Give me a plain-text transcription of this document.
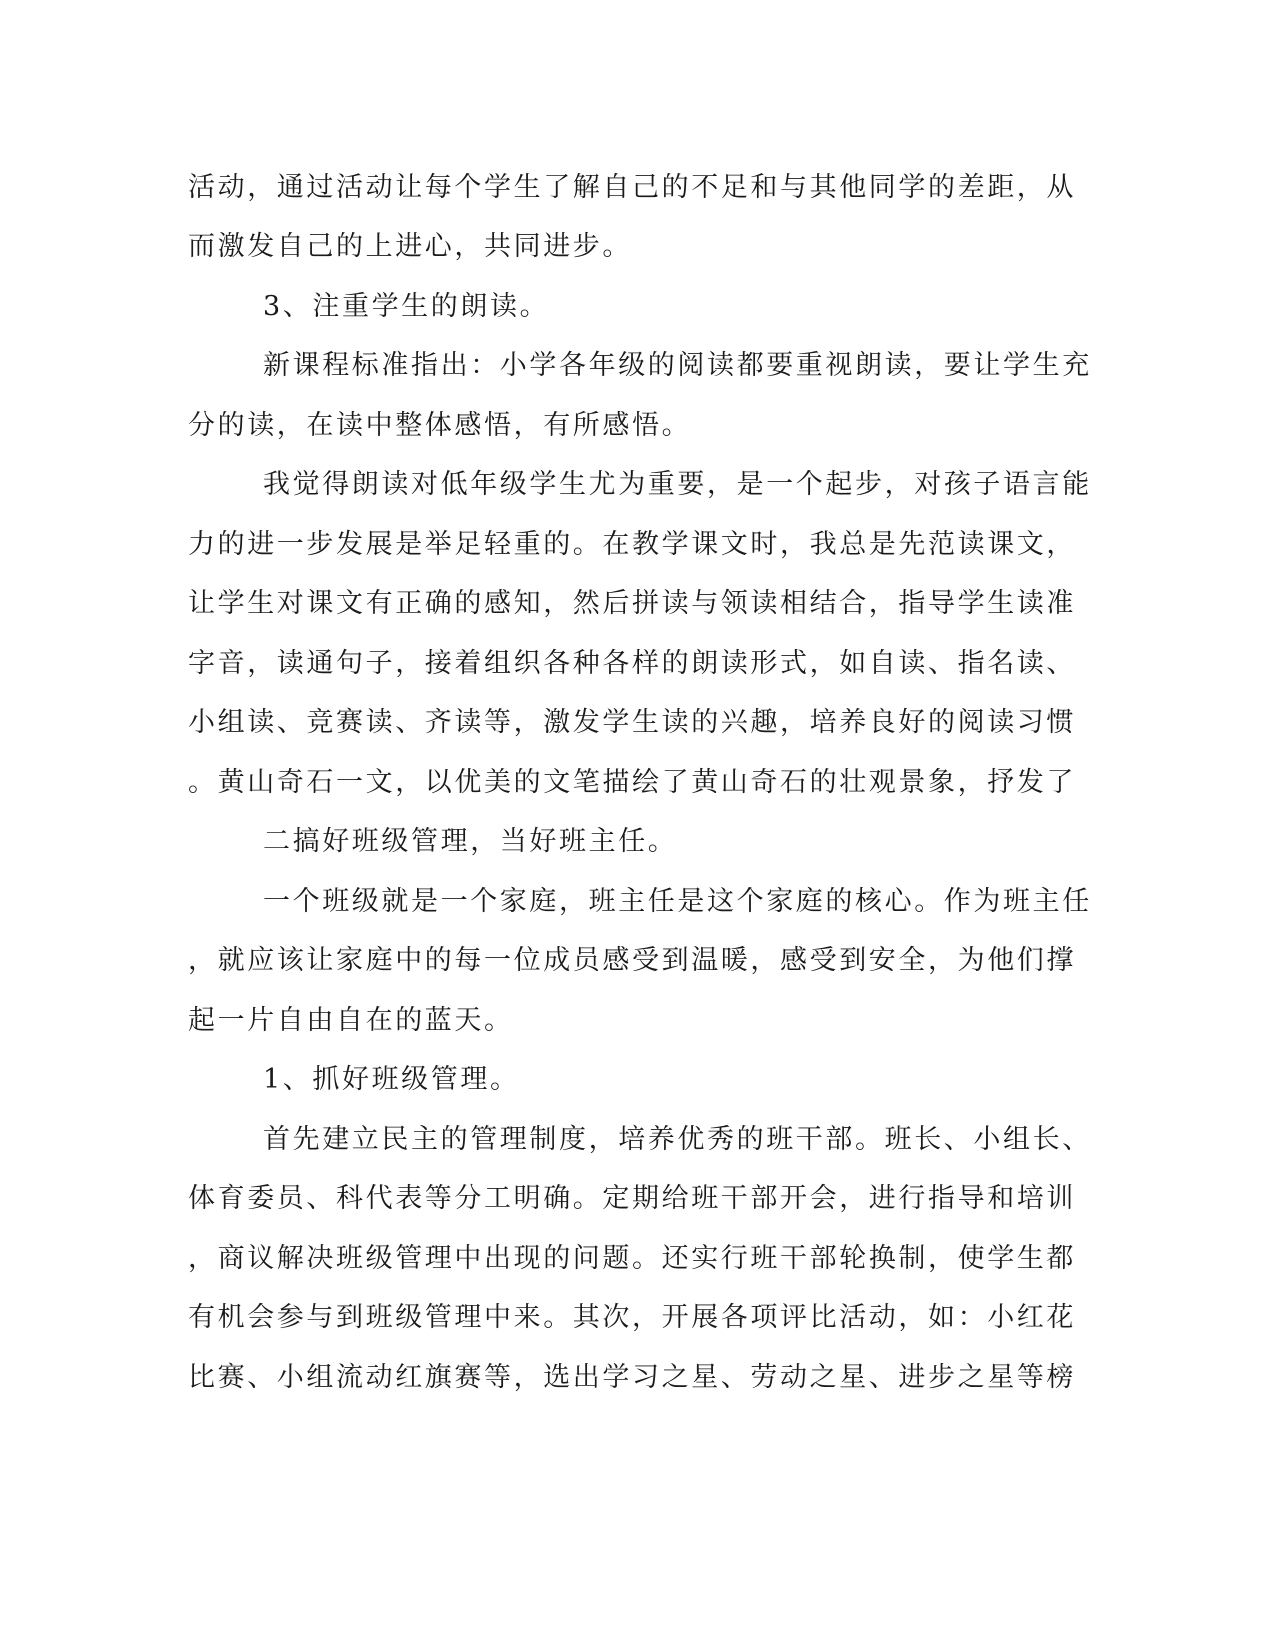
活动，通过活动让每个学生了解自己的不足和与其他同学的差距，从
而激发自己的上进心，共同进步。
3、注重学生的朗读。
新课程标准指出：小学各年级的阅读都要重视朗读，要让学生充
分的读，在读中整体感悟，有所感悟。
我觉得朗读对低年级学生尤为重要，是一个起步，对孩子语言能
力的进一步发展是举足轻重的。在教学课文时，我总是先范读课文，
让学生对课文有正确的感知，然后拼读与领读相结合，指导学生读准
字音，读通句子，接着组织各种各样的朗读形式，如自读、指名读、
小组读、竞赛读、齐读等，激发学生读的兴趣，培养良好的阅读习惯
。黄山奇石一文，以优美的文笔描绘了黄山奇石的壮观景象，抒发了
二搞好班级管理，当好班主任。
一个班级就是一个家庭，班主任是这个家庭的核心。作为班主任
，就应该让家庭中的每一位成员感受到温暖，感受到安全，为他们撑
起一片自由自在的蓝天。
1、抓好班级管理。
首先建立民主的管理制度，培养优秀的班干部。班长、小组长、
体育委员、科代表等分工明确。定期给班干部开会，进行指导和培训
，商议解决班级管理中出现的问题。还实行班干部轮换制，使学生都
有机会参与到班级管理中来。其次，开展各项评比活动，如：小红花
比赛、小组流动红旗赛等，选出学习之星、劳动之星、进步之星等榜
